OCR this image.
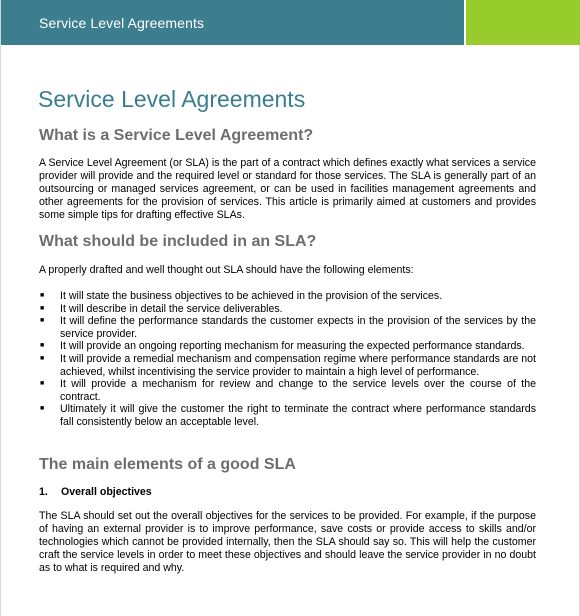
Service Level Agreements
Service Level Agreements
What is a Service Level Agreement?

A Service Level Agreement (or SLA) is the part of a contract which defines exactly what services a service provider will provide and the required level or standard for those services. The SLA is generally part of an outsourcing or managed services agreement, or can be used in facilities management agreements and other agreements for the provision of services. This article is primarily aimed at customers and provides some simple tips for drafting effective SLAs.

What should be included in an SLA?

A properly drafted and well thought out SLA should have the following elements:

■ It will state the business objectives to be achieved in the provision of the services.
■ It will describe in detail the service deliverables.
■ It will define the performance standards the customer expects in the provision of the services by the service provider.
■ It will provide an ongoing reporting mechanism for measuring the expected performance standards.
■ It will provide a remedial mechanism and compensation regime where performance standards are not achieved, whilst incentivising the service provider to maintain a high level of performance.
■ It will provide a mechanism for review and change to the service levels over the course of the contract.
■ Ultimately it will give the customer the right to terminate the contract where performance standards fall consistently below an acceptable level.
The main elements of a good SLA
1. Overall objectives

The SLA should set out the overall objectives for the services to be provided. For example, if the purpose of having an external provider is to improve performance, save costs or provide access to skills and/or technologies which cannot be provided internally, then the SLA should say so. This will help the customer craft the service levels in order to meet these objectives and should leave the service provider in no doubt as to what is required and why.
